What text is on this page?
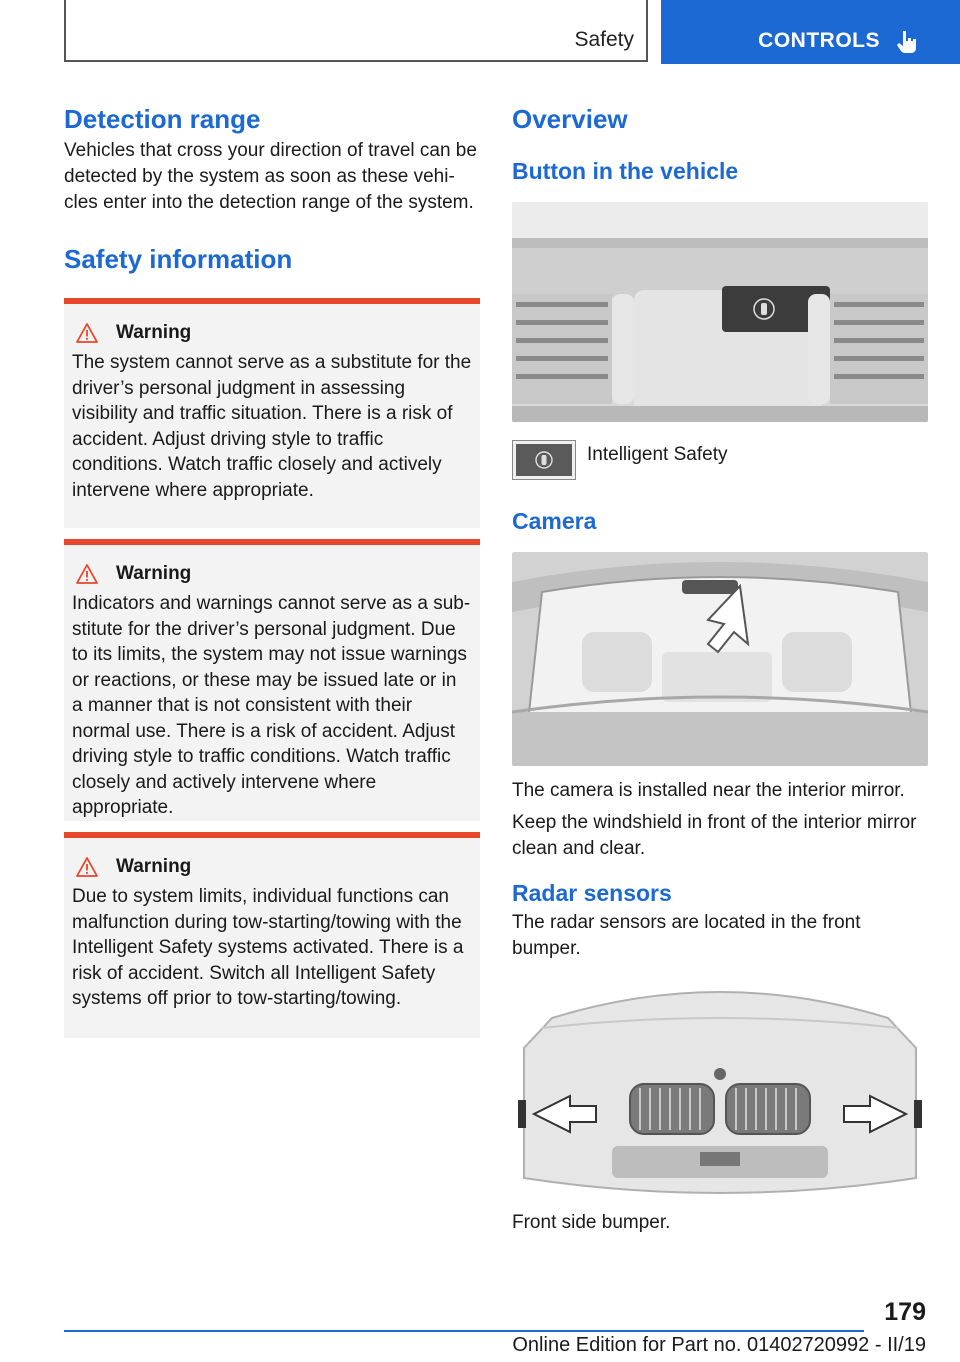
Safety	CONTROLS
Detection range

Vehicles that cross your direction of travel can be detected by the system as soon as these vehicles enter into the detection range of the system.

Safety information
Warning

The system cannot serve as a substitute for the driver’s personal judgment in assessing visibility and traffic situation. There is a risk of accident. Adjust driving style to traffic conditions. Watch traffic closely and actively intervene where appropriate.

Warning

Indicators and warnings cannot serve as a substitute for the driver’s personal judgment. Due to its limits, the system may not issue warnings or reactions, or these may be issued late or in a manner that is not consistent with their normal use. There is a risk of accident. Adjust driving style to traffic conditions. Watch traffic closely and actively intervene where appropriate.

Warning

Due to system limits, individual functions can malfunction during tow-starting/towing with the Intelligent Safety systems activated. There is a risk of accident. Switch all Intelligent Safety systems off prior to tow-starting/towing.

Overview
Button in the vehicle
Intelligent Safety
Camera

The camera is installed near the interior mirror.

Keep the windshield in front of the interior mirror clean and clear.

Radar sensors

The radar sensors are located in the front bumper.

Front side bumper.

179
Online Edition for Part no. 01402720992 - II/19
